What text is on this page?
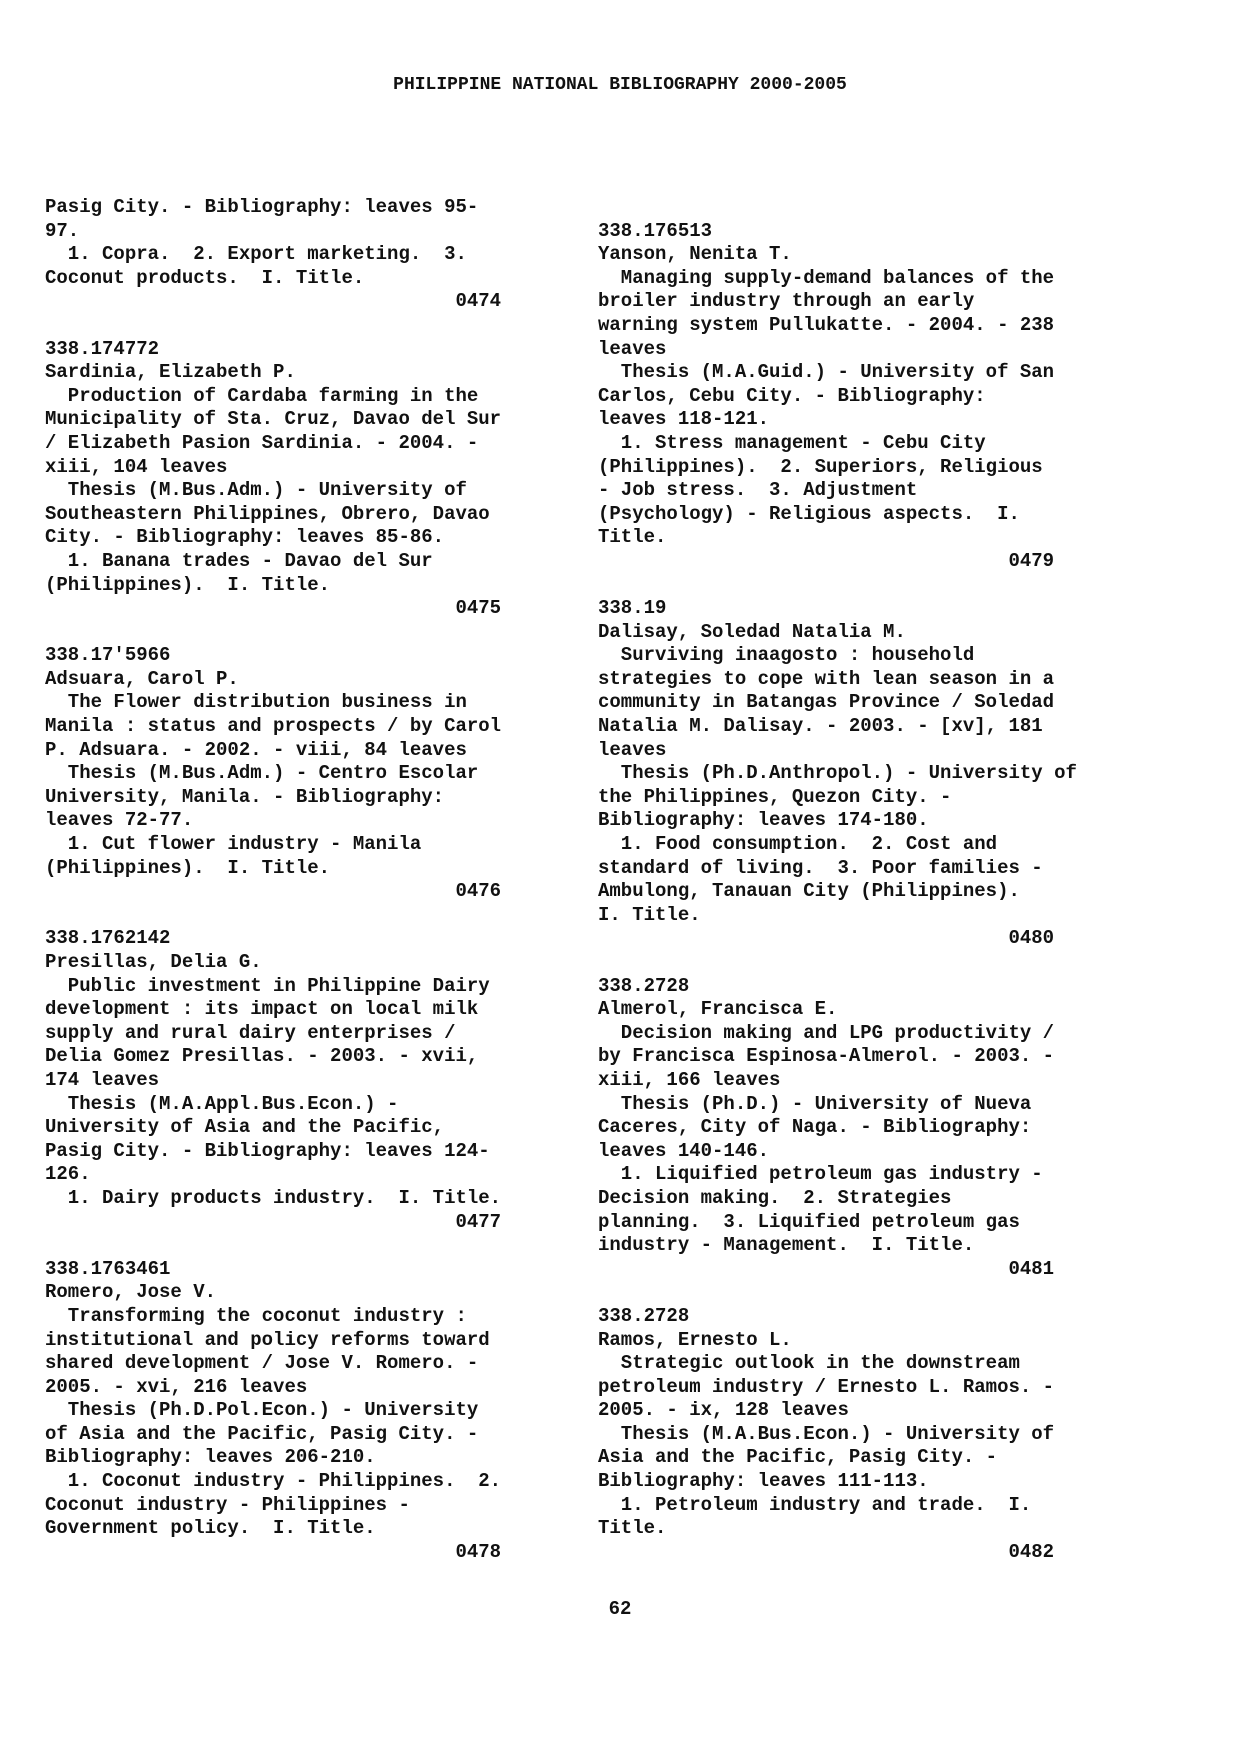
PHILIPPINE NATIONAL BIBLIOGRAPHY 2000-2005
Pasig City. - Bibliography: leaves 95-
97.
1. Copra.  2. Export marketing.  3.
Coconut products.  I. Title.
0474
338.174772
Sardinia, Elizabeth P.
Production of Cardaba farming in the
Municipality of Sta. Cruz, Davao del Sur
/ Elizabeth Pasion Sardinia. - 2004. -
xiii, 104 leaves
Thesis (M.Bus.Adm.) - University of
Southeastern Philippines, Obrero, Davao
City. - Bibliography: leaves 85-86.
1. Banana trades - Davao del Sur
(Philippines).  I. Title.
0475
338.17'5966
Adsuara, Carol P.
The Flower distribution business in
Manila : status and prospects / by Carol
P. Adsuara. - 2002. - viii, 84 leaves
Thesis (M.Bus.Adm.) - Centro Escolar
University, Manila. - Bibliography:
leaves 72-77.
1. Cut flower industry - Manila
(Philippines).  I. Title.
0476
338.1762142
Presillas, Delia G.
Public investment in Philippine Dairy
development : its impact on local milk
supply and rural dairy enterprises /
Delia Gomez Presillas. - 2003. - xvii,
174 leaves
Thesis (M.A.Appl.Bus.Econ.) -
University of Asia and the Pacific,
Pasig City. - Bibliography: leaves 124-
126.
1. Dairy products industry.  I. Title.
0477
338.1763461
Romero, Jose V.
Transforming the coconut industry :
institutional and policy reforms toward
shared development / Jose V. Romero. -
2005. - xvi, 216 leaves
Thesis (Ph.D.Pol.Econ.) - University
of Asia and the Pacific, Pasig City. -
Bibliography: leaves 206-210.
1. Coconut industry - Philippines.  2.
Coconut industry - Philippines -
Government policy.  I. Title.
0478
338.176513
Yanson, Nenita T.
Managing supply-demand balances of the
broiler industry through an early
warning system Pullukatte. - 2004. - 238
leaves
Thesis (M.A.Guid.) - University of San
Carlos, Cebu City. - Bibliography:
leaves 118-121.
1. Stress management - Cebu City
(Philippines).  2. Superiors, Religious
- Job stress.  3. Adjustment
(Psychology) - Religious aspects.  I.
Title.
0479
338.19
Dalisay, Soledad Natalia M.
Surviving inaagosto : household
strategies to cope with lean season in a
community in Batangas Province / Soledad
Natalia M. Dalisay. - 2003. - [xv], 181
leaves
Thesis (Ph.D.Anthropol.) - University of
the Philippines, Quezon City. -
Bibliography: leaves 174-180.
1. Food consumption.  2. Cost and
standard of living.  3. Poor families -
Ambulong, Tanauan City (Philippines).
I. Title.
0480
338.2728
Almerol, Francisca E.
Decision making and LPG productivity /
by Francisca Espinosa-Almerol. - 2003. -
xiii, 166 leaves
Thesis (Ph.D.) - University of Nueva
Caceres, City of Naga. - Bibliography:
leaves 140-146.
1. Liquified petroleum gas industry -
Decision making.  2. Strategies
planning.  3. Liquified petroleum gas
industry - Management.  I. Title.
0481
338.2728
Ramos, Ernesto L.
Strategic outlook in the downstream
petroleum industry / Ernesto L. Ramos. -
2005. - ix, 128 leaves
Thesis (M.A.Bus.Econ.) - University of
Asia and the Pacific, Pasig City. -
Bibliography: leaves 111-113.
1. Petroleum industry and trade.  I.
Title.
0482
62
